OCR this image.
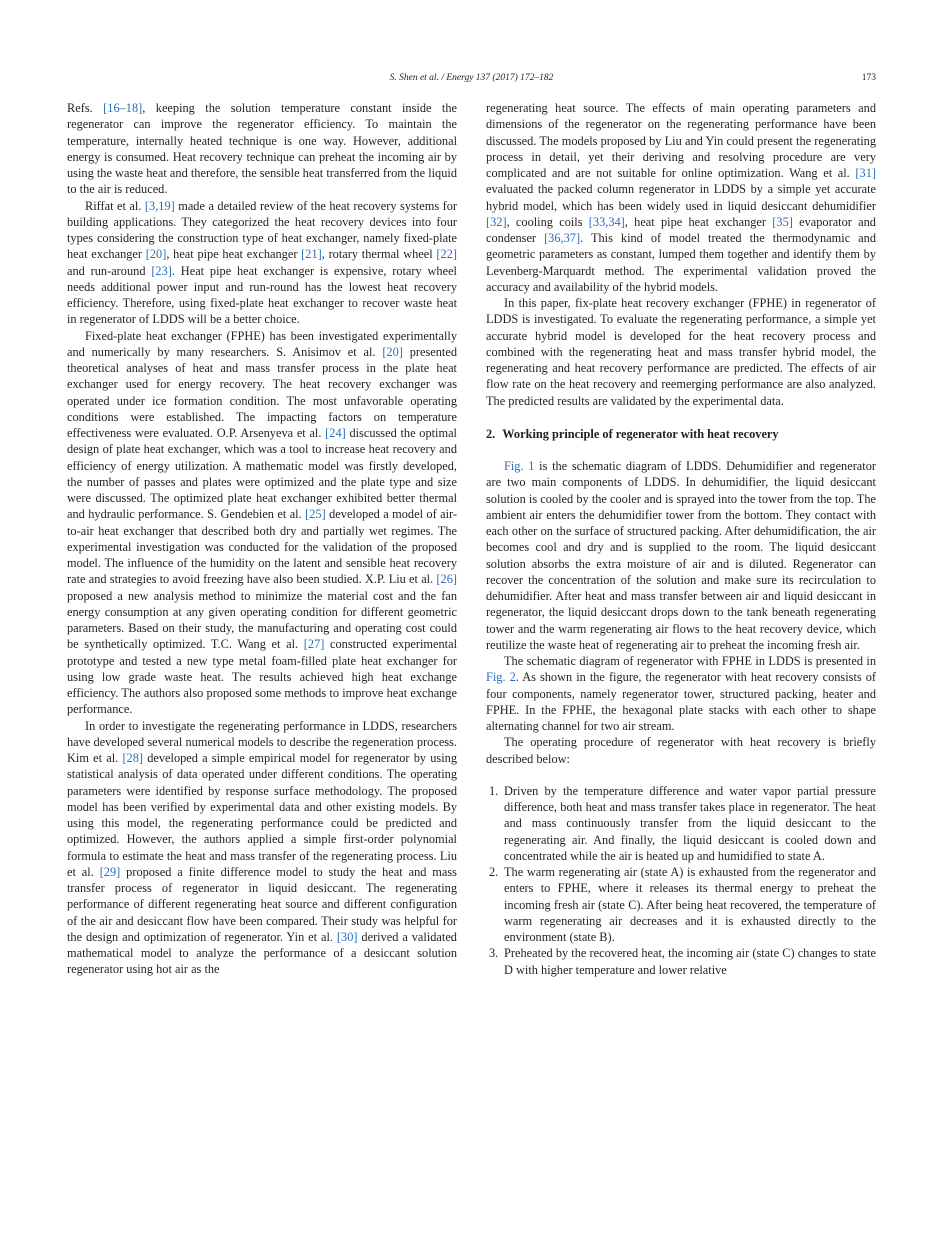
S. Shen et al. / Energy 137 (2017) 172–182	173

Refs. [16–18], keeping the solution temperature constant inside the regenerator can improve the regenerator efficiency. To maintain the temperature, internally heated technique is one way. However, additional energy is consumed. Heat recovery technique can preheat the incoming air by using the waste heat and therefore, the sensible heat transferred from the liquid to the air is reduced.

Riffat et al. [3,19] made a detailed review of the heat recovery systems for building applications. They categorized the heat recovery devices into four types considering the construction type of heat exchanger, namely fixed-plate heat exchanger [20], heat pipe heat exchanger [21], rotary thermal wheel [22] and run-around [23]. Heat pipe heat exchanger is expensive, rotary wheel needs additional power input and run-round has the lowest heat recovery efficiency. Therefore, using fixed-plate heat exchanger to recover waste heat in regenerator of LDDS will be a better choice.

Fixed-plate heat exchanger (FPHE) has been investigated experimentally and numerically by many researchers. S. Anisimov et al. [20] presented theoretical analyses of heat and mass transfer process in the plate heat exchanger used for energy recovery. The heat recovery exchanger was operated under ice formation condition. The most unfavorable operating conditions were established. The impacting factors on temperature effectiveness were evaluated. O.P. Arsenyeva et al. [24] discussed the optimal design of plate heat exchanger, which was a tool to increase heat recovery and efficiency of energy utilization. A mathematic model was firstly developed, the number of passes and plates were optimized and the plate type and size were discussed. The optimized plate heat exchanger exhibited better thermal and hydraulic performance. S. Gendebien et al. [25] developed a model of air-to-air heat exchanger that described both dry and partially wet regimes. The experimental investigation was conducted for the validation of the proposed model. The influence of the humidity on the latent and sensible heat recovery rate and strategies to avoid freezing have also been studied. X.P. Liu et al. [26] proposed a new analysis method to minimize the material cost and the fan energy consumption at any given operating condition for different geometric parameters. Based on their study, the manufacturing and operating cost could be synthetically optimized. T.C. Wang et al. [27] constructed experimental prototype and tested a new type metal foam-filled plate heat exchanger for using low grade waste heat. The results achieved high heat exchange efficiency. The authors also proposed some methods to improve heat exchange performance.

In order to investigate the regenerating performance in LDDS, researchers have developed several numerical models to describe the regeneration process. Kim et al. [28] developed a simple empirical model for regenerator by using statistical analysis of data operated under different conditions. The operating parameters were identified by response surface methodology. The proposed model has been verified by experimental data and other existing models. By using this model, the regenerating performance could be predicted and optimized. However, the authors applied a simple first-order polynomial formula to estimate the heat and mass transfer of the regenerating process. Liu et al. [29] proposed a finite difference model to study the heat and mass transfer process of regenerator in liquid desiccant. The regenerating performance of different regenerating heat source and different configuration of the air and desiccant flow have been compared. Their study was helpful for the design and optimization of regenerator. Yin et al. [30] derived a validated mathematical model to analyze the performance of a desiccant solution regenerator using hot air as the

regenerating heat source. The effects of main operating parameters and dimensions of the regenerator on the regenerating performance have been discussed. The models proposed by Liu and Yin could present the regenerating process in detail, yet their deriving and resolving procedure are very complicated and are not suitable for online optimization. Wang et al. [31] evaluated the packed column regenerator in LDDS by a simple yet accurate hybrid model, which has been widely used in liquid desiccant dehumidifier [32], cooling coils [33,34], heat pipe heat exchanger [35] evaporator and condenser [36,37]. This kind of model treated the thermodynamic and geometric parameters as constant, lumped them together and identify them by Levenberg-Marquardt method. The experimental validation proved the accuracy and availability of the hybrid models.

In this paper, fix-plate heat recovery exchanger (FPHE) in regenerator of LDDS is investigated. To evaluate the regenerating performance, a simple yet accurate hybrid model is developed for the heat recovery process and combined with the regenerating heat and mass transfer hybrid model, the regenerating and heat recovery performance are predicted. The effects of air flow rate on the heat recovery and reemerging performance are also analyzed. The predicted results are validated by the experimental data.

2. Working principle of regenerator with heat recovery

Fig. 1 is the schematic diagram of LDDS. Dehumidifier and regenerator are two main components of LDDS. In dehumidifier, the liquid desiccant solution is cooled by the cooler and is sprayed into the tower from the top. The ambient air enters the dehumidifier tower from the bottom. They contact with each other on the surface of structured packing. After dehumidification, the air becomes cool and dry and is supplied to the room. The liquid desiccant solution absorbs the extra moisture of air and is diluted. Regenerator can recover the concentration of the solution and make sure its recirculation to dehumidifier. After heat and mass transfer between air and liquid desiccant in regenerator, the liquid desiccant drops down to the tank beneath regenerating tower and the warm regenerating air flows to the heat recovery device, which reutilize the waste heat of regenerating air to preheat the incoming fresh air.

The schematic diagram of regenerator with FPHE in LDDS is presented in Fig. 2. As shown in the figure, the regenerator with heat recovery consists of four components, namely regenerator tower, structured packing, heater and FPHE. In the FPHE, the hexagonal plate stacks with each other to shape alternating channel for two air stream.

The operating procedure of regenerator with heat recovery is briefly described below:

1. Driven by the temperature difference and water vapor partial pressure difference, both heat and mass transfer takes place in regenerator. The heat and mass continuously transfer from the liquid desiccant to the regenerating air. And finally, the liquid desiccant is cooled down and concentrated while the air is heated up and humidified to state A.
2. The warm regenerating air (state A) is exhausted from the regenerator and enters to FPHE, where it releases its thermal energy to preheat the incoming fresh air (state C). After being heat recovered, the temperature of warm regenerating air decreases and it is exhausted directly to the environment (state B).
3. Preheated by the recovered heat, the incoming air (state C) changes to state D with higher temperature and lower relative
